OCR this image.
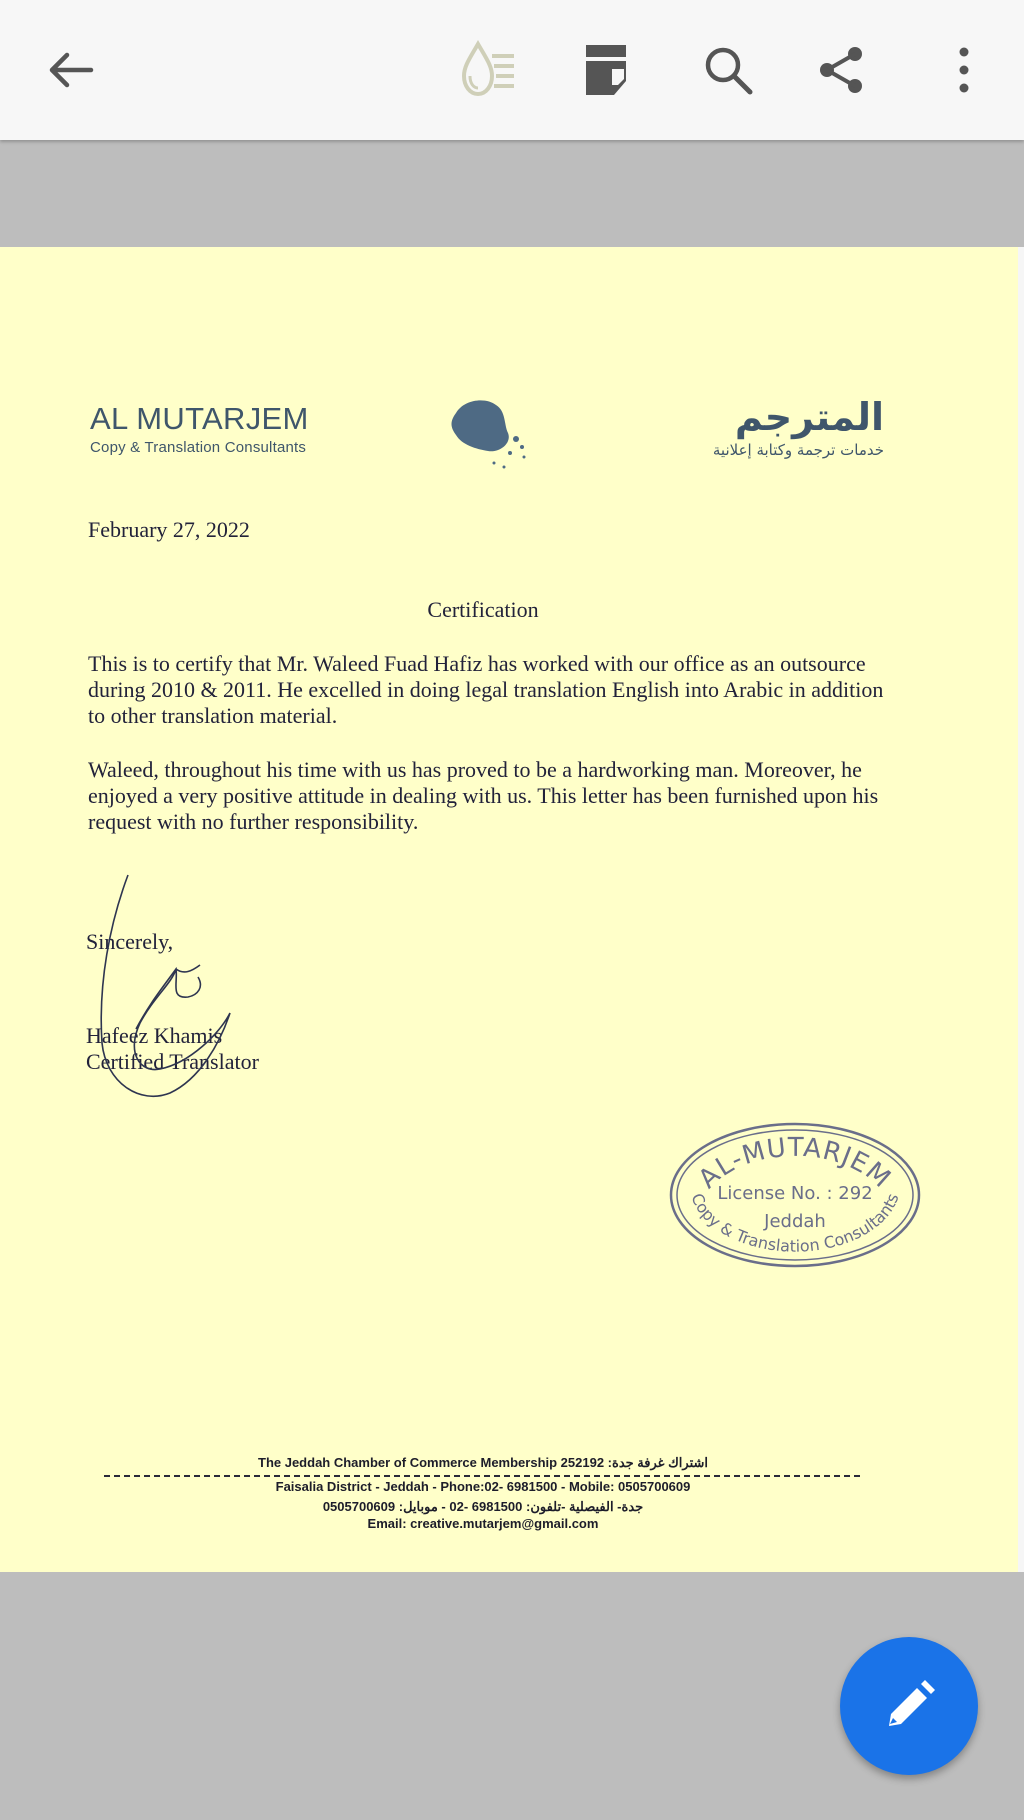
AL MUTARJEM
Copy & Translation Consultants
المترجم
خدمات ترجمة وكتابة إعلانية
February 27, 2022
Certification

This is to certify that Mr. Waleed Fuad Hafiz has worked with our office as an outsource during 2010 & 2011. He excelled in doing legal translation English into Arabic in addition to other translation material.

Waleed, throughout his time with us has proved to be a hardworking man. Moreover, he enjoyed a very positive attitude in dealing with us. This letter has been furnished upon his request with no further responsibility.

Sincerely,
Hafeez Khamis
Certified Translator
AL-MUTARJEM
License No. : 292
Jeddah
Copy & Translation Consultants
The Jeddah Chamber of Commerce Membership 252192 :اشتراك غرفة جدة
Faisalia District - Jeddah - Phone:02- 6981500 - Mobile: 0505700609
جدة- الفيصلية -تلفون: 6981500 -02 - موبايل: 0505700609
Email: creative.mutarjem@gmail.com
